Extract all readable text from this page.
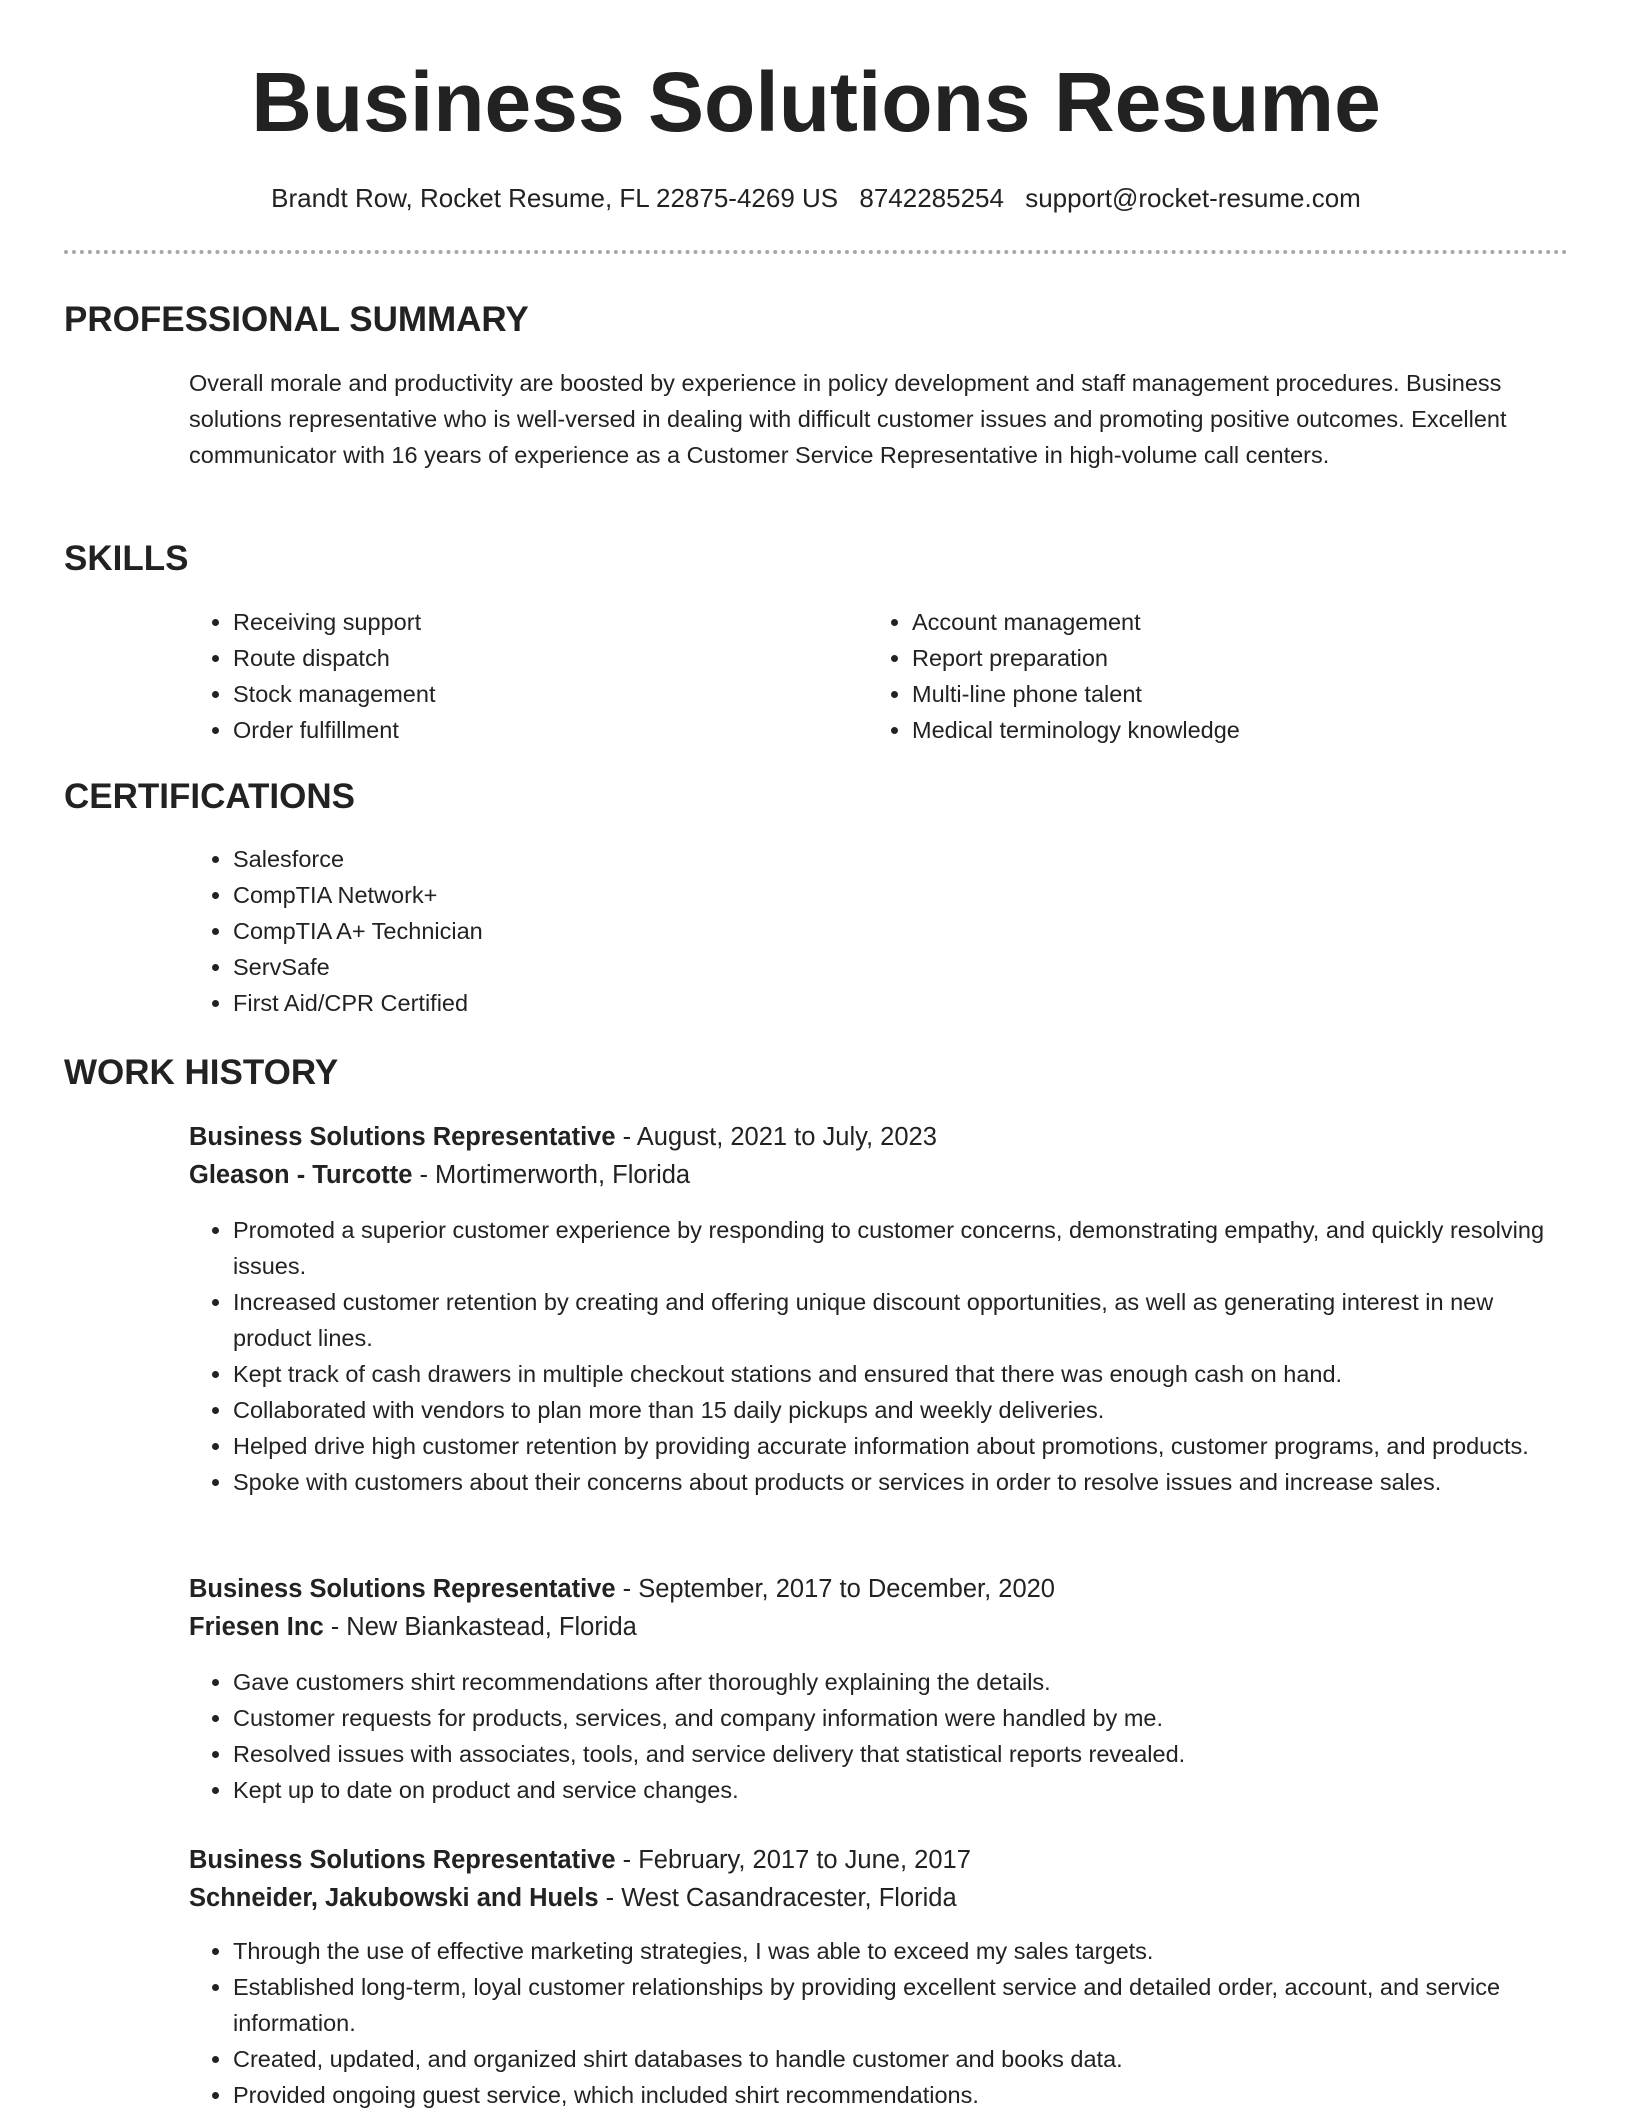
Business Solutions Resume
Brandt Row, Rocket Resume, FL 22875-4269 US 8742285254 support@rocket-resume.com
PROFESSIONAL SUMMARY

Overall morale and productivity are boosted by experience in policy development and staff management procedures. Business solutions representative who is well-versed in dealing with difficult customer issues and promoting positive outcomes. Excellent communicator with 16 years of experience as a Customer Service Representative in high-volume call centers.

SKILLS
• Receiving support
• Route dispatch
• Stock management
• Order fulfillment
• Account management
• Report preparation
• Multi-line phone talent
• Medical terminology knowledge
CERTIFICATIONS
• Salesforce
• CompTIA Network+
• CompTIA A+ Technician
• ServSafe
• First Aid/CPR Certified
WORK HISTORY
Business Solutions Representative - August, 2021 to July, 2023
Gleason - Turcotte - Mortimerworth, Florida
• Promoted a superior customer experience by responding to customer concerns, demonstrating empathy, and quickly resolving issues.
• Increased customer retention by creating and offering unique discount opportunities, as well as generating interest in new product lines.
• Kept track of cash drawers in multiple checkout stations and ensured that there was enough cash on hand.
• Collaborated with vendors to plan more than 15 daily pickups and weekly deliveries.
• Helped drive high customer retention by providing accurate information about promotions, customer programs, and products.
• Spoke with customers about their concerns about products or services in order to resolve issues and increase sales.
Business Solutions Representative - September, 2017 to December, 2020
Friesen Inc - New Biankastead, Florida
• Gave customers shirt recommendations after thoroughly explaining the details.
• Customer requests for products, services, and company information were handled by me.
• Resolved issues with associates, tools, and service delivery that statistical reports revealed.
• Kept up to date on product and service changes.
Business Solutions Representative - February, 2017 to June, 2017
Schneider, Jakubowski and Huels - West Casandracester, Florida
• Through the use of effective marketing strategies, I was able to exceed my sales targets.
• Established long-term, loyal customer relationships by providing excellent service and detailed order, account, and service information.
• Created, updated, and organized shirt databases to handle customer and books data.
• Provided ongoing guest service, which included shirt recommendations.
